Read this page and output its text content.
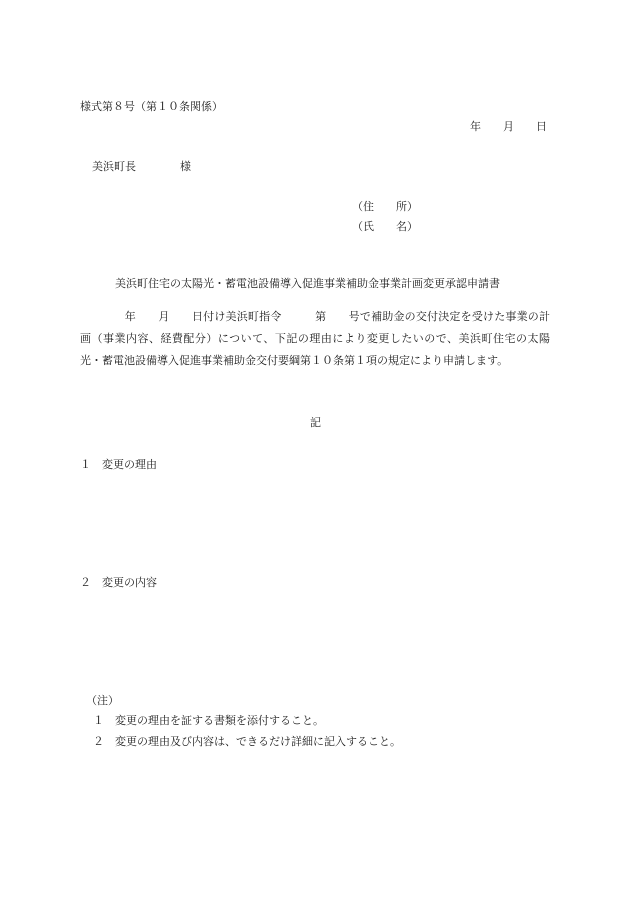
様式第８号（第１０条関係）
年　　月　　日
美浜町長　　　　様
（住　　所）
（氏　　名）
美浜町住宅の太陽光・蓄電池設備導入促進事業補助金事業計画変更承認申請書
　　　　年　　月　　日付け美浜町指令　　　第　　号で補助金の交付決定を受けた事業の計画（事業内容、経費配分）について、下記の理由により変更したいので、美浜町住宅の太陽光・蓄電池設備導入促進事業補助金交付要綱第１０条第１項の規定により申請します。
記
１ 変更の理由
２ 変更の内容
（注）
１ 変更の理由を証する書類を添付すること。
２ 変更の理由及び内容は、できるだけ詳細に記入すること。
